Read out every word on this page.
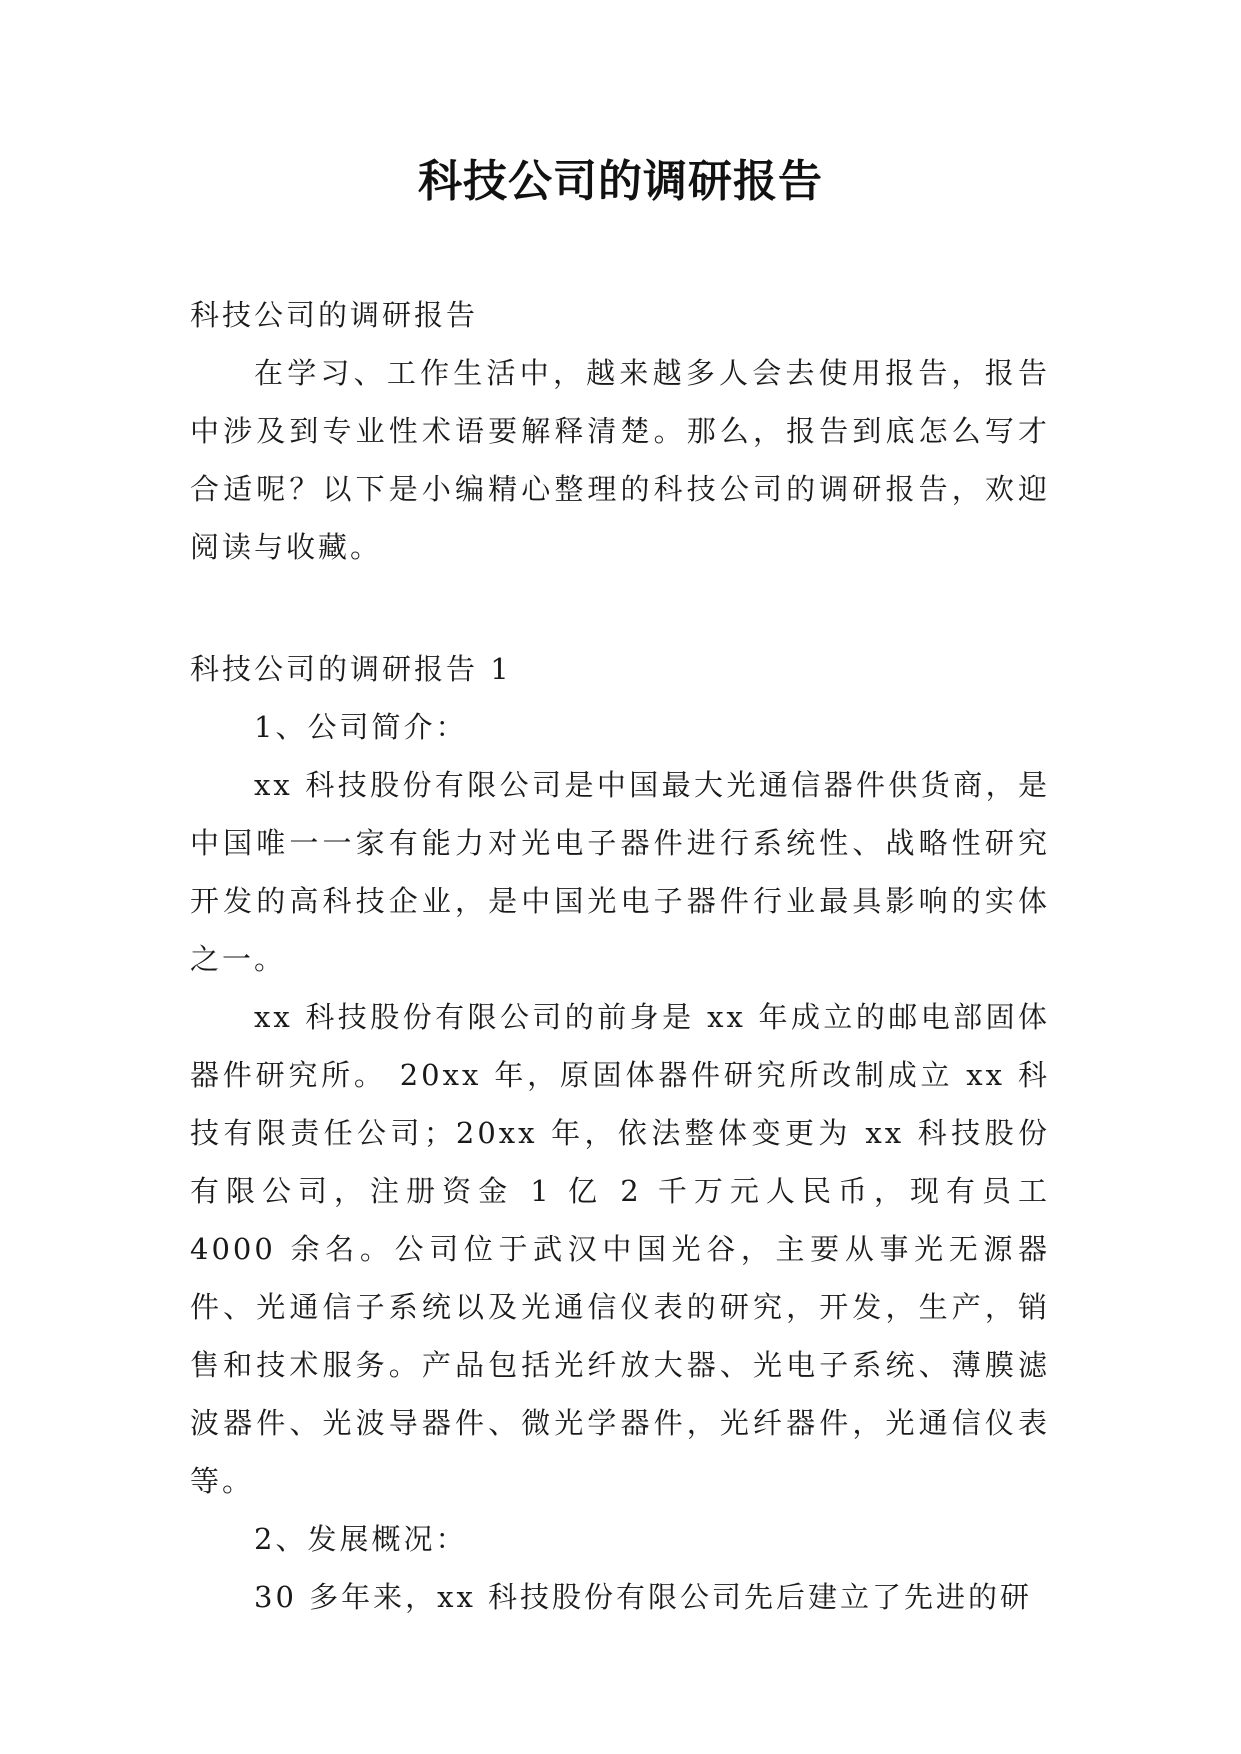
科技公司的调研报告

科技公司的调研报告

在学习、工作生活中，越来越多人会去使用报告，报告中涉及到专业性术语要解释清楚。那么，报告到底怎么写才合适呢？以下是小编精心整理的科技公司的调研报告，欢迎阅读与收藏。

科技公司的调研报告 1

1、公司简介：

xx 科技股份有限公司是中国最大光通信器件供货商，是中国唯一一家有能力对光电子器件进行系统性、战略性研究开发的高科技企业，是中国光电子器件行业最具影响的实体之一。

xx 科技股份有限公司的前身是 xx 年成立的邮电部固体器件研究所。 20xx 年，原固体器件研究所改制成立 xx 科技有限责任公司；20xx 年，依法整体变更为 xx 科技股份有限公司，注册资金 1 亿 2 千万元人民币，现有员工 4000 余名。公司位于武汉中国光谷，主要从事光无源器件、光通信子系统以及光通信仪表的研究，开发，生产，销售和技术服务。产品包括光纤放大器、光电子系统、薄膜滤波器件、光波导器件、微光学器件，光纤器件，光通信仪表等。

2、发展概况：

30 多年来，xx 科技股份有限公司先后建立了先进的研
